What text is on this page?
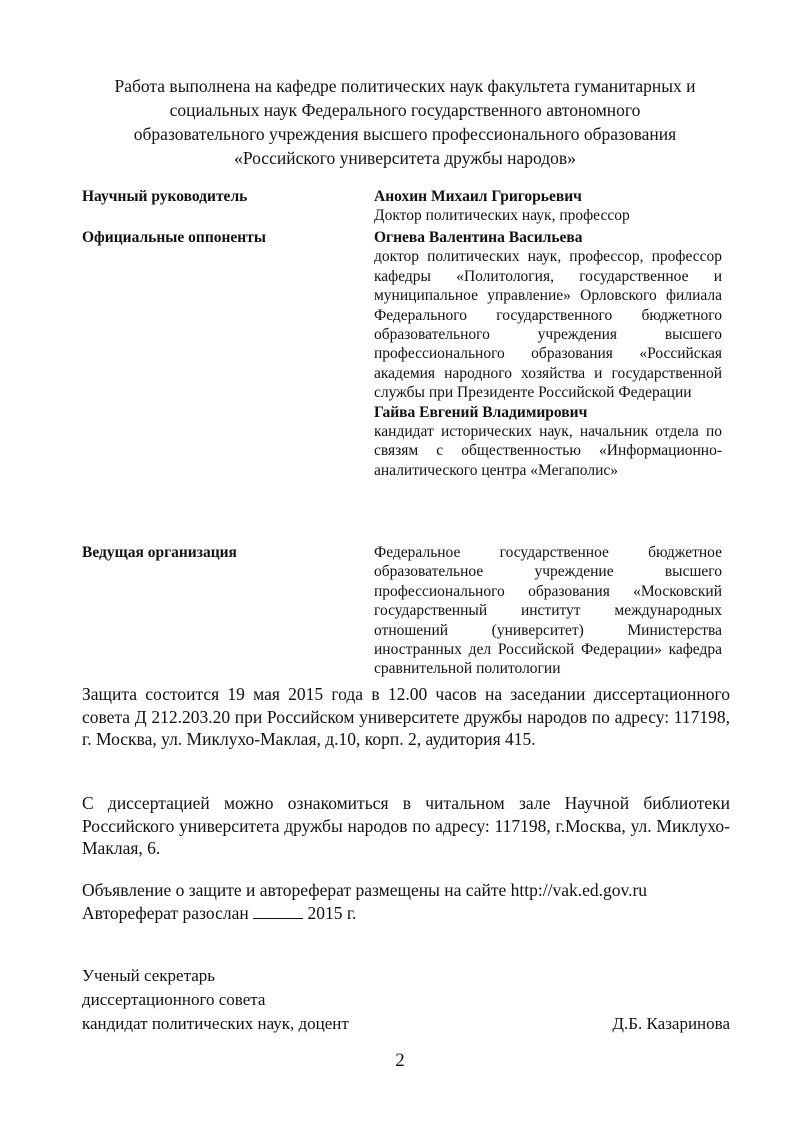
Работа выполнена на кафедре политических наук факультета гуманитарных и
социальных наук Федерального государственного автономного
образовательного учреждения высшего профессионального образования
«Российского университета дружбы народов»
Научный руководитель	Анохин Михаил Григорьевич
Доктор политических наук, профессор
Официальные оппоненты	Огнева Валентина Васильева
доктор политических наук, профессор, профессор кафедры «Политология, государственное и муниципальное управление» Орловского филиала Федерального государственного бюджетного образовательного учреждения высшего профессионального образования «Российская академия народного хозяйства и государственной службы при Президенте Российской Федерации
Гайва Евгений Владимирович
кандидат исторических наук, начальник отдела по связям с общественностью «Информационно-аналитического центра «Мегаполис»
Ведущая организация	Федеральное государственное бюджетное образовательное учреждение высшего профессионального образования «Московский государственный институт международных отношений (университет) Министерства иностранных дел Российской Федерации» кафедра сравнительной политологии
Защита состоится 19 мая 2015 года в 12.00 часов на заседании диссертационного совета Д 212.203.20 при Российском университете дружбы народов по адресу: 117198, г. Москва, ул. Миклухо-Маклая, д.10, корп. 2, аудитория 415.
С диссертацией можно ознакомиться в читальном зале Научной библиотеки Российского университета дружбы народов по адресу: 117198, г.Москва, ул. Миклухо-Маклая, 6.
Объявление о защите и автореферат размещены на сайте http://vak.ed.gov.ru
Автореферат разослан	2015 г.
Ученый секретарь
диссертационного совета
кандидат политических наук, доцент	Д.Б. Казаринова
2
